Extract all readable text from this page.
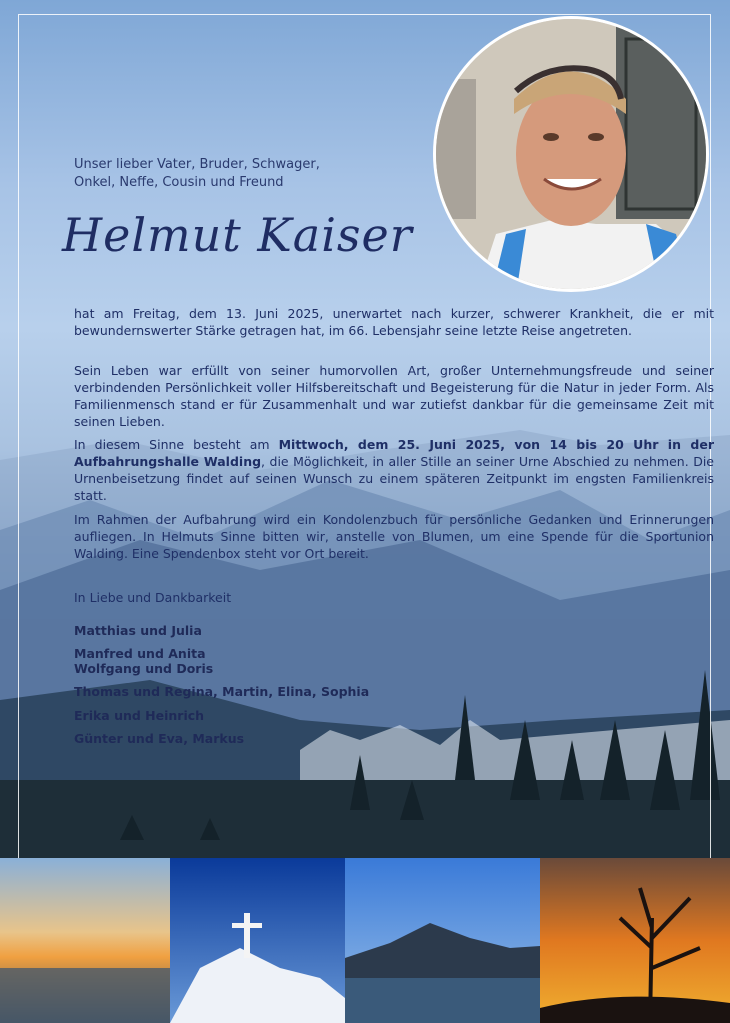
Unser lieber Vater, Bruder, Schwager,
Onkel, Neffe, Cousin und Freund
Helmut Kaiser
hat am Freitag, dem 13. Juni 2025, unerwartet nach kurzer, schwerer Krankheit, die er mit bewundernswerter Stärke getragen hat, im 66. Lebensjahr seine letzte Reise angetreten.
Sein Leben war erfüllt von seiner humorvollen Art, großer Unternehmungsfreude und seiner verbindenden Persönlichkeit voller Hilfsbereitschaft und Begeisterung für die Natur in jeder Form. Als Familienmensch stand er für Zusammenhalt und war zutiefst dankbar für die gemeinsame Zeit mit seinen Lieben.
In diesem Sinne besteht am Mittwoch, dem 25. Juni 2025, von 14 bis 20 Uhr in der Aufbahrungshalle Walding, die Möglichkeit, in aller Stille an seiner Urne Abschied zu nehmen. Die Urnenbeisetzung findet auf seinen Wunsch zu einem späteren Zeitpunkt im engsten Familienkreis statt.
Im Rahmen der Aufbahrung wird ein Kondolenzbuch für persönliche Gedanken und Erinnerungen aufliegen. In Helmuts Sinne bitten wir, anstelle von Blumen, um eine Spende für die Sportunion Walding. Eine Spendenbox steht vor Ort bereit.
In Liebe und Dankbarkeit
Matthias und Julia
Manfred und Anita
Wolfgang und Doris
Thomas und Regina, Martin, Elina, Sophia
Erika und Heinrich
Günter und Eva, Markus
